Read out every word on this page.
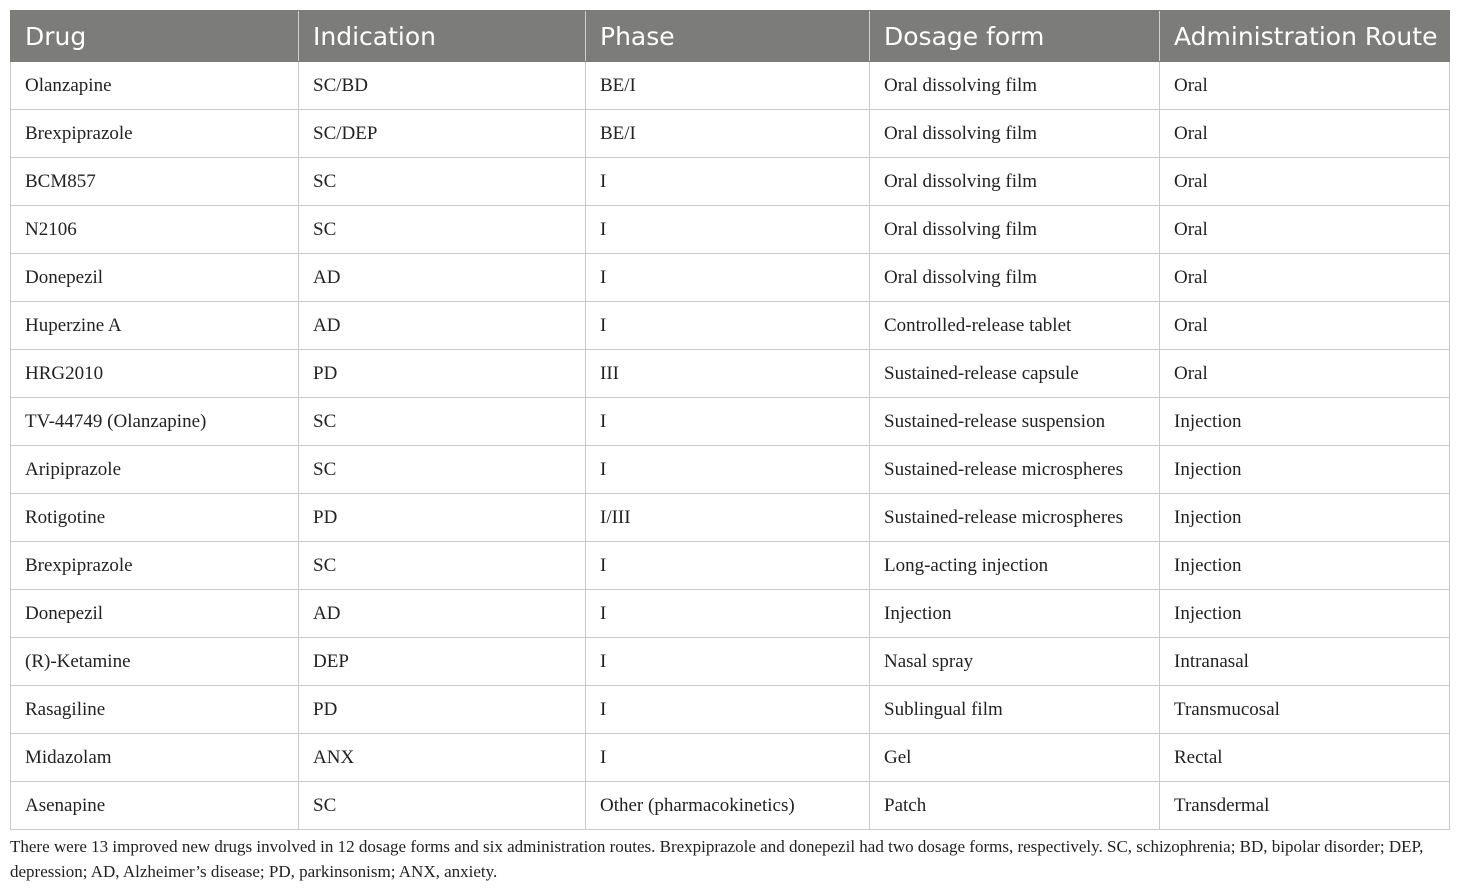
Drug	Indication	Phase	Dosage form	Administration Route
Olanzapine	SC/BD	BE/I	Oral dissolving film	Oral
Brexpiprazole	SC/DEP	BE/I	Oral dissolving film	Oral
BCM857	SC	I	Oral dissolving film	Oral
N2106	SC	I	Oral dissolving film	Oral
Donepezil	AD	I	Oral dissolving film	Oral
Huperzine A	AD	I	Controlled-release tablet	Oral
HRG2010	PD	III	Sustained-release capsule	Oral
TV-44749 (Olanzapine)	SC	I	Sustained-release suspension	Injection
Aripiprazole	SC	I	Sustained-release microspheres	Injection
Rotigotine	PD	I/III	Sustained-release microspheres	Injection
Brexpiprazole	SC	I	Long-acting injection	Injection
Donepezil	AD	I	Injection	Injection
(R)-Ketamine	DEP	I	Nasal spray	Intranasal
Rasagiline	PD	I	Sublingual film	Transmucosal
Midazolam	ANX	I	Gel	Rectal
Asenapine	SC	Other (pharmacokinetics)	Patch	Transdermal
There were 13 improved new drugs involved in 12 dosage forms and six administration routes. Brexpiprazole and donepezil had two dosage forms, respectively. SC, schizophrenia; BD, bipolar disorder; DEP, depression; AD, Alzheimer’s disease; PD, parkinsonism; ANX, anxiety.
